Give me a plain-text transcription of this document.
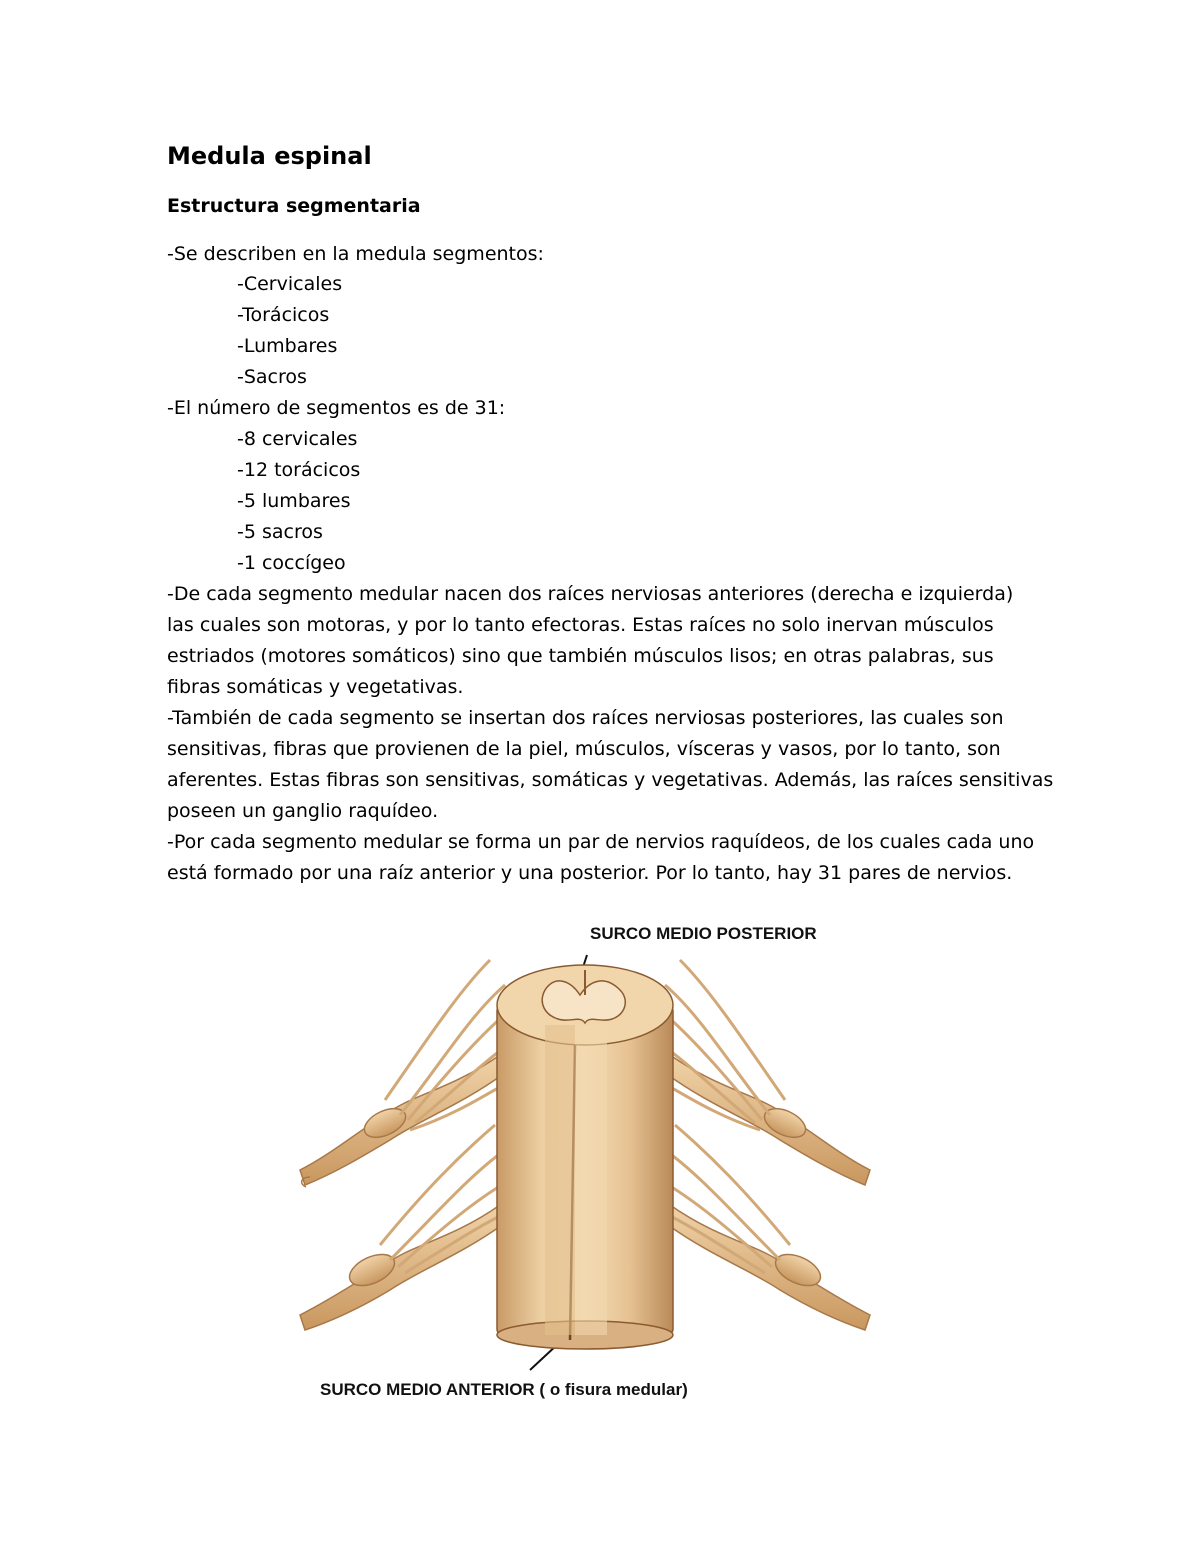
Medula espinal
Estructura segmentaria
-Se describen en la medula segmentos:
-Cervicales
-Torácicos
-Lumbares
-Sacros
-El número de segmentos es de 31:
-8 cervicales
-12 torácicos
-5 lumbares
-5 sacros
-1 coccígeo
-De cada segmento medular nacen dos raíces nerviosas anteriores (derecha e izquierda)
las cuales son motoras, y por lo tanto efectoras. Estas raíces no solo inervan músculos
estriados (motores somáticos) sino que también músculos lisos; en otras palabras, sus
fibras somáticas y vegetativas.
-También de cada segmento se insertan dos raíces nerviosas posteriores, las cuales son
sensitivas, fibras que provienen de la piel, músculos, vísceras y vasos, por lo tanto, son
aferentes. Estas fibras son sensitivas, somáticas y vegetativas. Además, las raíces sensitivas
poseen un ganglio raquídeo.
-Por cada segmento medular se forma un par de nervios raquídeos, de los cuales cada uno
está formado por una raíz anterior y una posterior. Por lo tanto, hay 31 pares de nervios.
SURCO MEDIO POSTERIOR
SURCO MEDIO ANTERIOR ( o fisura medular)
